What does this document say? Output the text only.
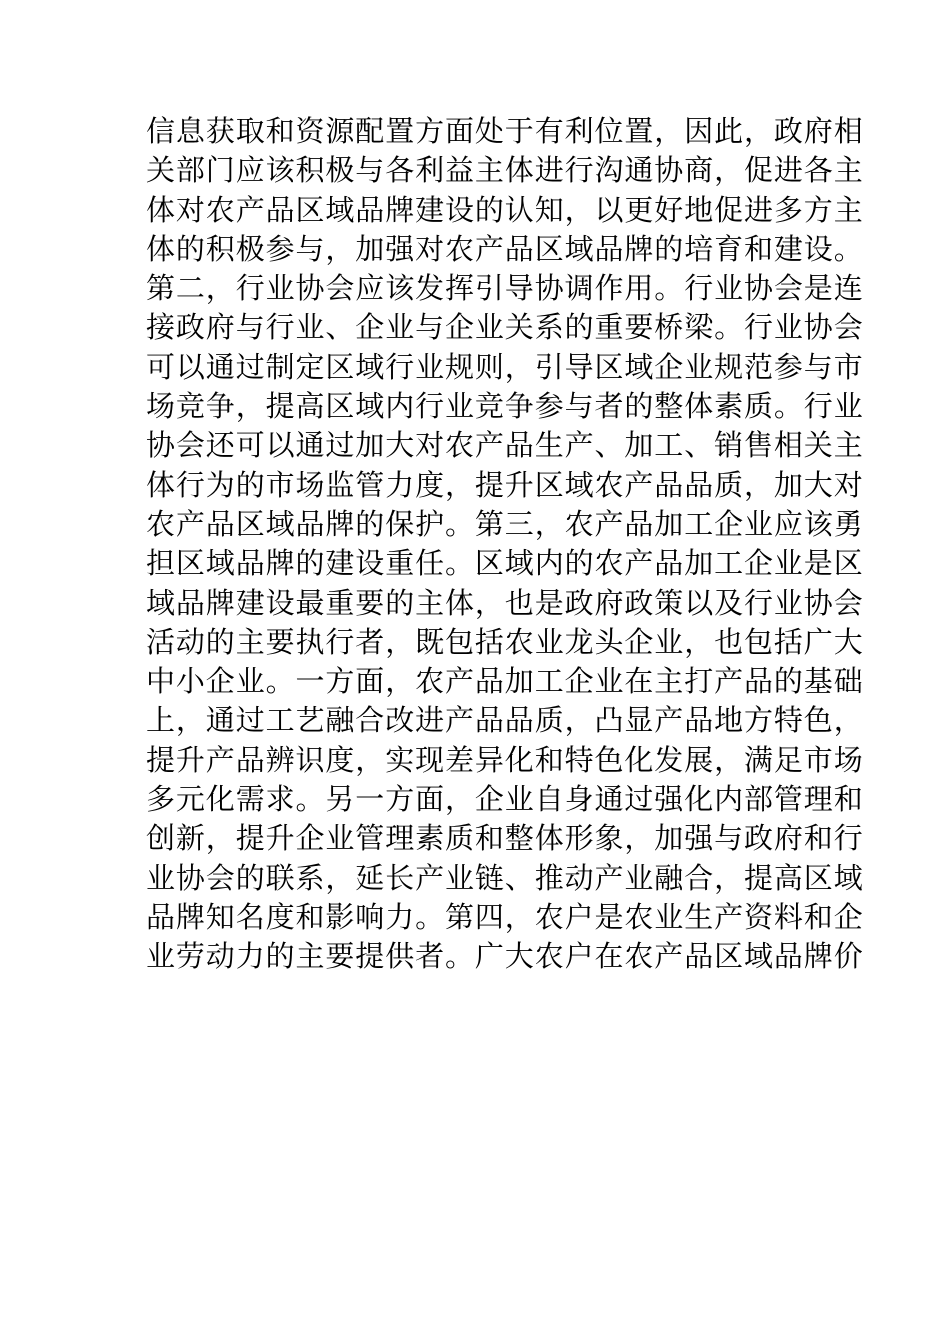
信息获取和资源配置方面处于有利位置，因此，政府相
关部门应该积极与各利益主体进行沟通协商，促进各主
体对农产品区域品牌建设的认知，以更好地促进多方主
体的积极参与，加强对农产品区域品牌的培育和建设。
第二，行业协会应该发挥引导协调作用。行业协会是连
接政府与行业、企业与企业关系的重要桥梁。行业协会
可以通过制定区域行业规则，引导区域企业规范参与市
场竞争，提高区域内行业竞争参与者的整体素质。行业
协会还可以通过加大对农产品生产、加工、销售相关主
体行为的市场监管力度，提升区域农产品品质，加大对
农产品区域品牌的保护。第三，农产品加工企业应该勇
担区域品牌的建设重任。区域内的农产品加工企业是区
域品牌建设最重要的主体，也是政府政策以及行业协会
活动的主要执行者，既包括农业龙头企业，也包括广大
中小企业。一方面，农产品加工企业在主打产品的基础
上，通过工艺融合改进产品品质，凸显产品地方特色，
提升产品辨识度，实现差异化和特色化发展，满足市场
多元化需求。另一方面，企业自身通过强化内部管理和
创新，提升企业管理素质和整体形象，加强与政府和行
业协会的联系，延长产业链、推动产业融合，提高区域
品牌知名度和影响力。第四，农户是农业生产资料和企
业劳动力的主要提供者。广大农户在农产品区域品牌价
